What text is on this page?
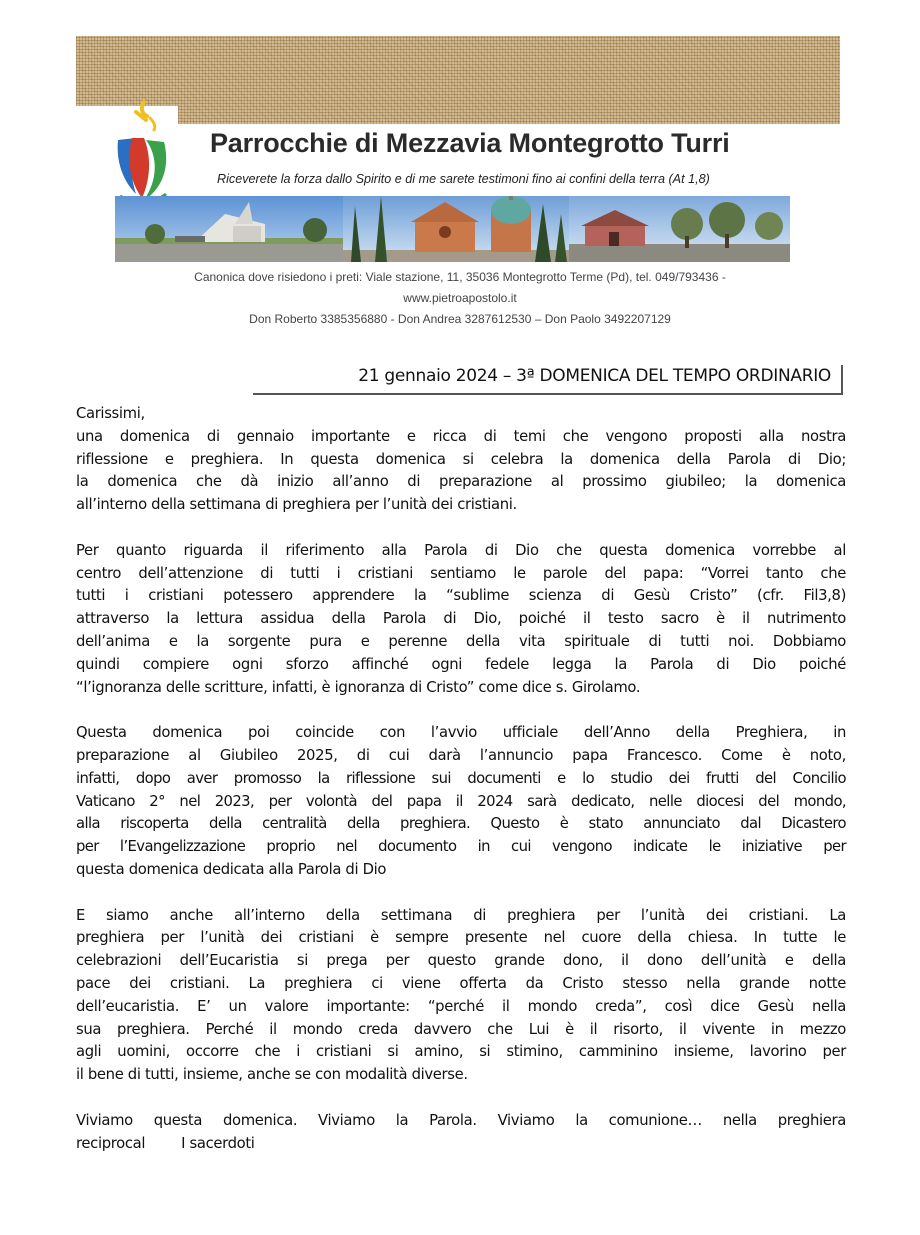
Parrocchie di Mezzavia Montegrotto Turri
Riceverete la forza dallo Spirito e di me sarete testimoni fino ai confini della terra (At 1,8)
Canonica dove risiedono i preti: Viale stazione, 11, 35036 Montegrotto Terme (Pd), tel. 049/793436 -
www.pietroapostolo.it
Don Roberto 3385356880 - Don Andrea 3287612530 – Don Paolo 3492207129
21 gennaio 2024 – 3ª DOMENICA DEL TEMPO ORDINARIO
Carissimi,
una domenica di gennaio importante e ricca di temi che vengono proposti alla nostra
riflessione e preghiera. In questa domenica si celebra la domenica della Parola di Dio;
la domenica che dà inizio all’anno di preparazione al prossimo giubileo; la domenica
all’interno della settimana di preghiera per l’unità dei cristiani.
Per quanto riguarda il riferimento alla Parola di Dio che questa domenica vorrebbe al
centro dell’attenzione di tutti i cristiani sentiamo le parole del papa: “Vorrei tanto che
tutti i cristiani potessero apprendere la “sublime scienza di Gesù Cristo” (cfr. Fil3,8)
attraverso la lettura assidua della Parola di Dio, poiché il testo sacro è il nutrimento
dell’anima e la sorgente pura e perenne della vita spirituale di tutti noi. Dobbiamo
quindi compiere ogni sforzo affinché ogni fedele legga la Parola di Dio poiché
“l’ignoranza delle scritture, infatti, è ignoranza di Cristo” come dice s. Girolamo.
Questa domenica poi coincide con l’avvio ufficiale dell’Anno della Preghiera, in
preparazione al Giubileo 2025, di cui darà l’annuncio papa Francesco. Come è noto,
infatti, dopo aver promosso la riflessione sui documenti e lo studio dei frutti del Concilio
Vaticano 2° nel 2023, per volontà del papa il 2024 sarà dedicato, nelle diocesi del mondo,
alla riscoperta della centralità della preghiera. Questo è stato annunciato dal Dicastero
per l’Evangelizzazione proprio nel documento in cui vengono indicate le iniziative per
questa domenica dedicata alla Parola di Dio
E siamo anche all’interno della settimana di preghiera per l’unità dei cristiani. La
preghiera per l’unità dei cristiani è sempre presente nel cuore della chiesa. In tutte le
celebrazioni dell’Eucaristia si prega per questo grande dono, il dono dell’unità e della
pace dei cristiani. La preghiera ci viene offerta da Cristo stesso nella grande notte
dell’eucaristia. E’ un valore importante: “perché il mondo creda”, così dice Gesù nella
sua preghiera. Perché il mondo creda davvero che Lui è il risorto, il vivente in mezzo
agli uomini, occorre che i cristiani si amino, si stimino, camminino insieme, lavorino per
il bene di tutti, insieme, anche se con modalità diverse.
Viviamo questa domenica. Viviamo la Parola. Viviamo la comunione… nella preghiera
reciprocal I sacerdoti
